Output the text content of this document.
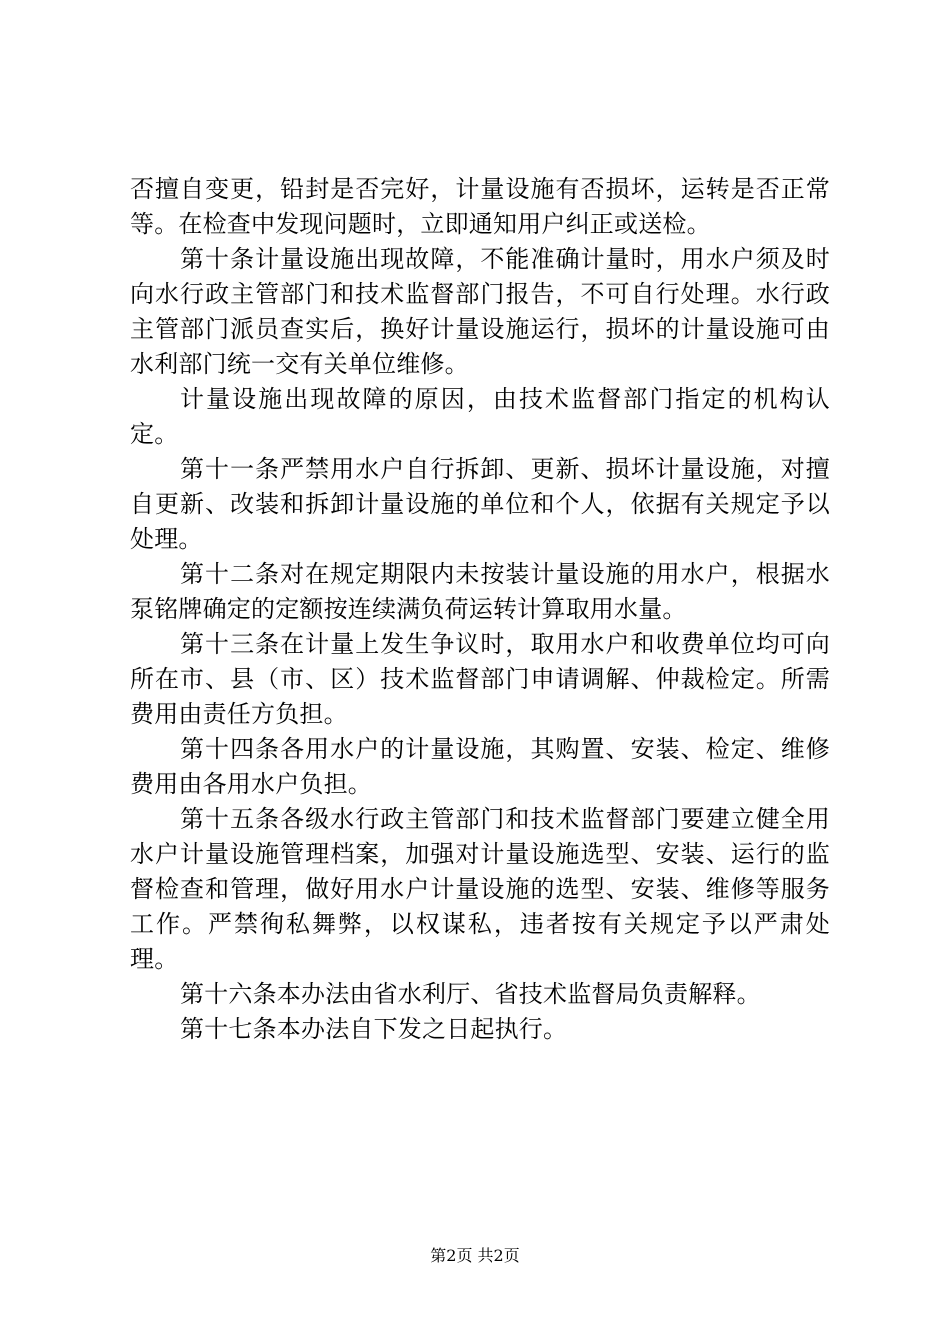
否擅自变更，铅封是否完好，计量设施有否损坏，运转是否正常等。在检查中发现问题时，立即通知用户纠正或送检。

第十条计量设施出现故障，不能准确计量时，用水户须及时向水行政主管部门和技术监督部门报告，不可自行处理。水行政主管部门派员查实后，换好计量设施运行，损坏的计量设施可由水利部门统一交有关单位维修。

计量设施出现故障的原因，由技术监督部门指定的机构认定。

第十一条严禁用水户自行拆卸、更新、损坏计量设施，对擅自更新、改装和拆卸计量设施的单位和个人，依据有关规定予以处理。

第十二条对在规定期限内未按装计量设施的用水户，根据水泵铭牌确定的定额按连续满负荷运转计算取用水量。

第十三条在计量上发生争议时，取用水户和收费单位均可向所在市、县（市、区）技术监督部门申请调解、仲裁检定。所需费用由责任方负担。

第十四条各用水户的计量设施，其购置、安装、检定、维修费用由各用水户负担。

第十五条各级水行政主管部门和技术监督部门要建立健全用水户计量设施管理档案，加强对计量设施选型、安装、运行的监督检查和管理，做好用水户计量设施的选型、安装、维修等服务工作。严禁徇私舞弊，以权谋私，违者按有关规定予以严肃处理。

第十六条本办法由省水利厅、省技术监督局负责解释。

第十七条本办法自下发之日起执行。

第2页 共2页
